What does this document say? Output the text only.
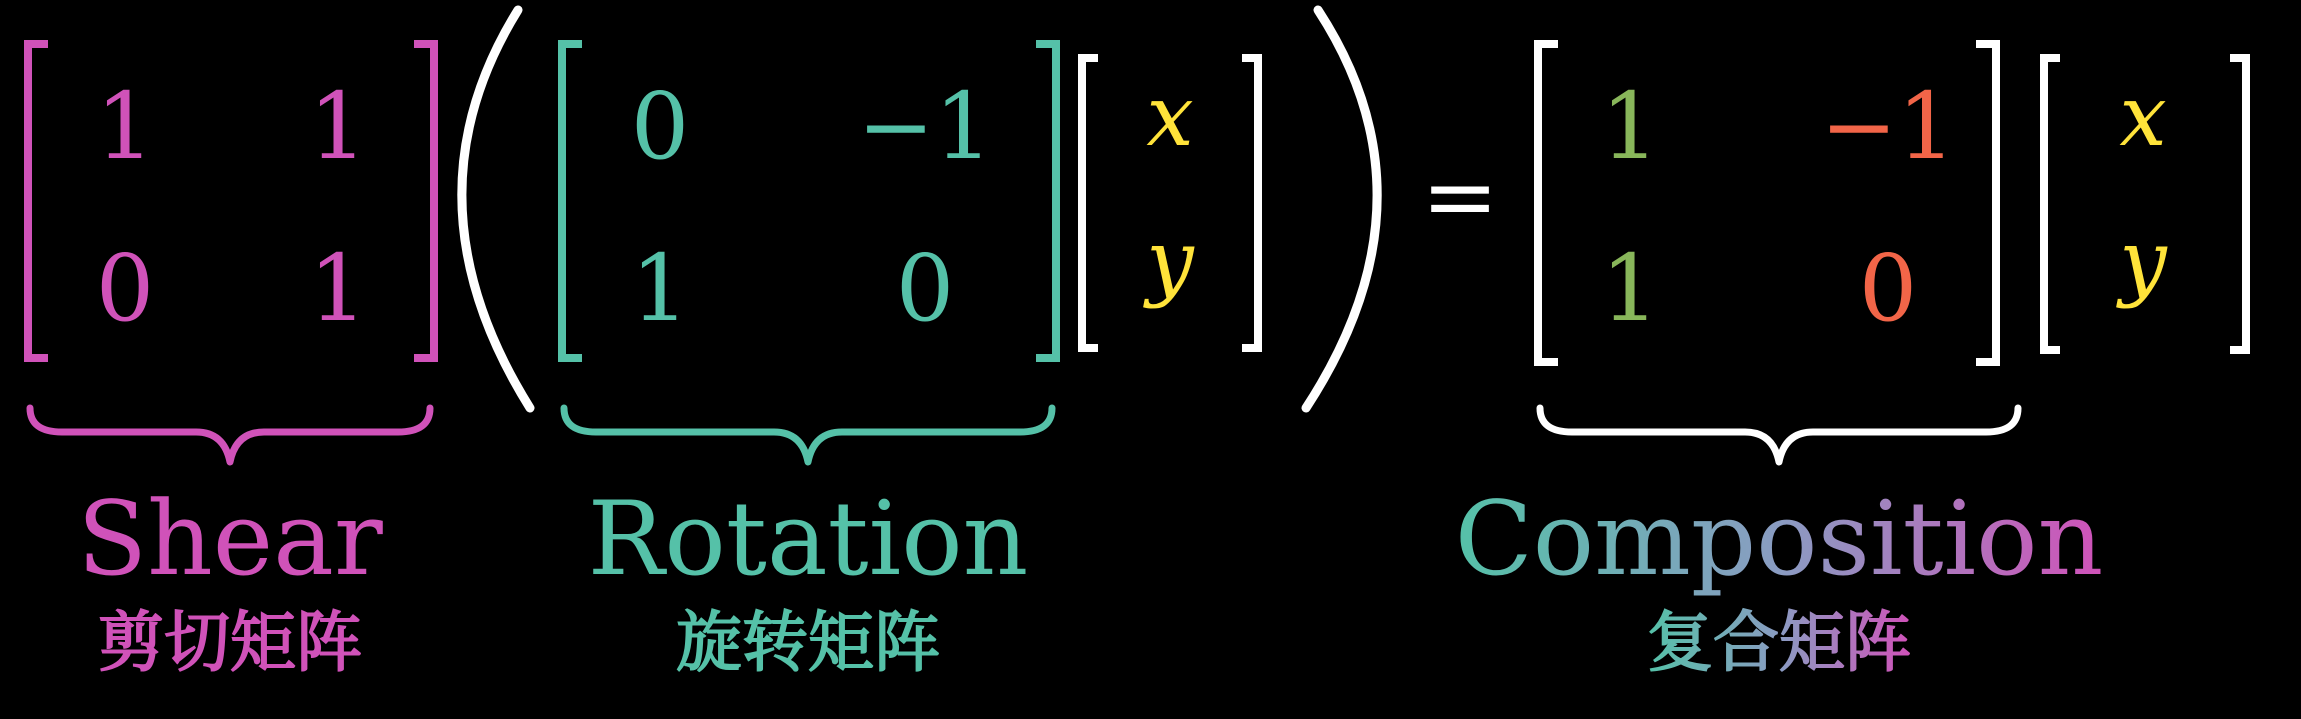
1 1
0 1
Shear
剪切矩阵
0 −1
1 0
Rotation
旋转矩阵
x
y
=
1 −1
1 0
x
y
Composition
复合矩阵
